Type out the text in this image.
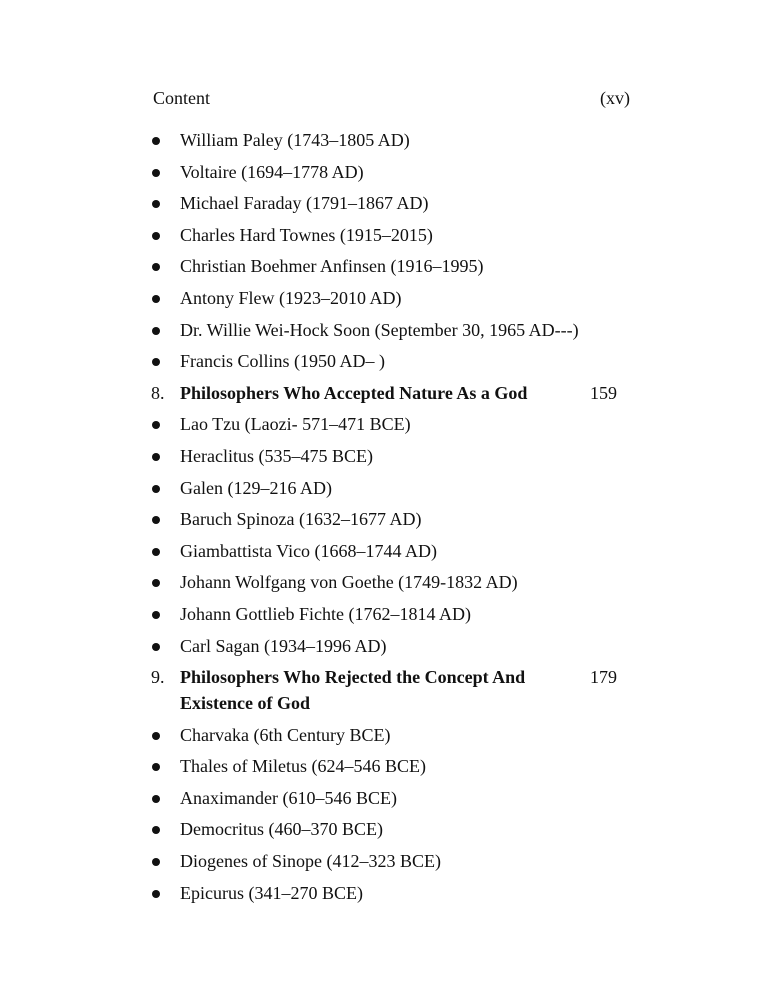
Content	(xv)
William Paley (1743–1805 AD)
Voltaire (1694–1778 AD)
Michael Faraday (1791–1867 AD)
Charles Hard Townes (1915–2015)
Christian Boehmer Anfinsen (1916–1995)
Antony Flew (1923–2010 AD)
Dr. Willie Wei-Hock Soon (September 30, 1965 AD---)
Francis Collins (1950 AD– )
8. Philosophers Who Accepted Nature As a God	159
Lao Tzu (Laozi- 571–471 BCE)
Heraclitus (535–475 BCE)
Galen (129–216 AD)
Baruch Spinoza (1632–1677 AD)
Giambattista Vico (1668–1744 AD)
Johann Wolfgang von Goethe (1749-1832 AD)
Johann Gottlieb Fichte (1762–1814 AD)
Carl Sagan (1934–1996 AD)
9. Philosophers Who Rejected the Concept And Existence of God
179
Charvaka (6th Century BCE)
Thales of Miletus (624–546 BCE)
Anaximander (610–546 BCE)
Democritus (460–370 BCE)
Diogenes of Sinope (412–323 BCE)
Epicurus (341–270 BCE)
